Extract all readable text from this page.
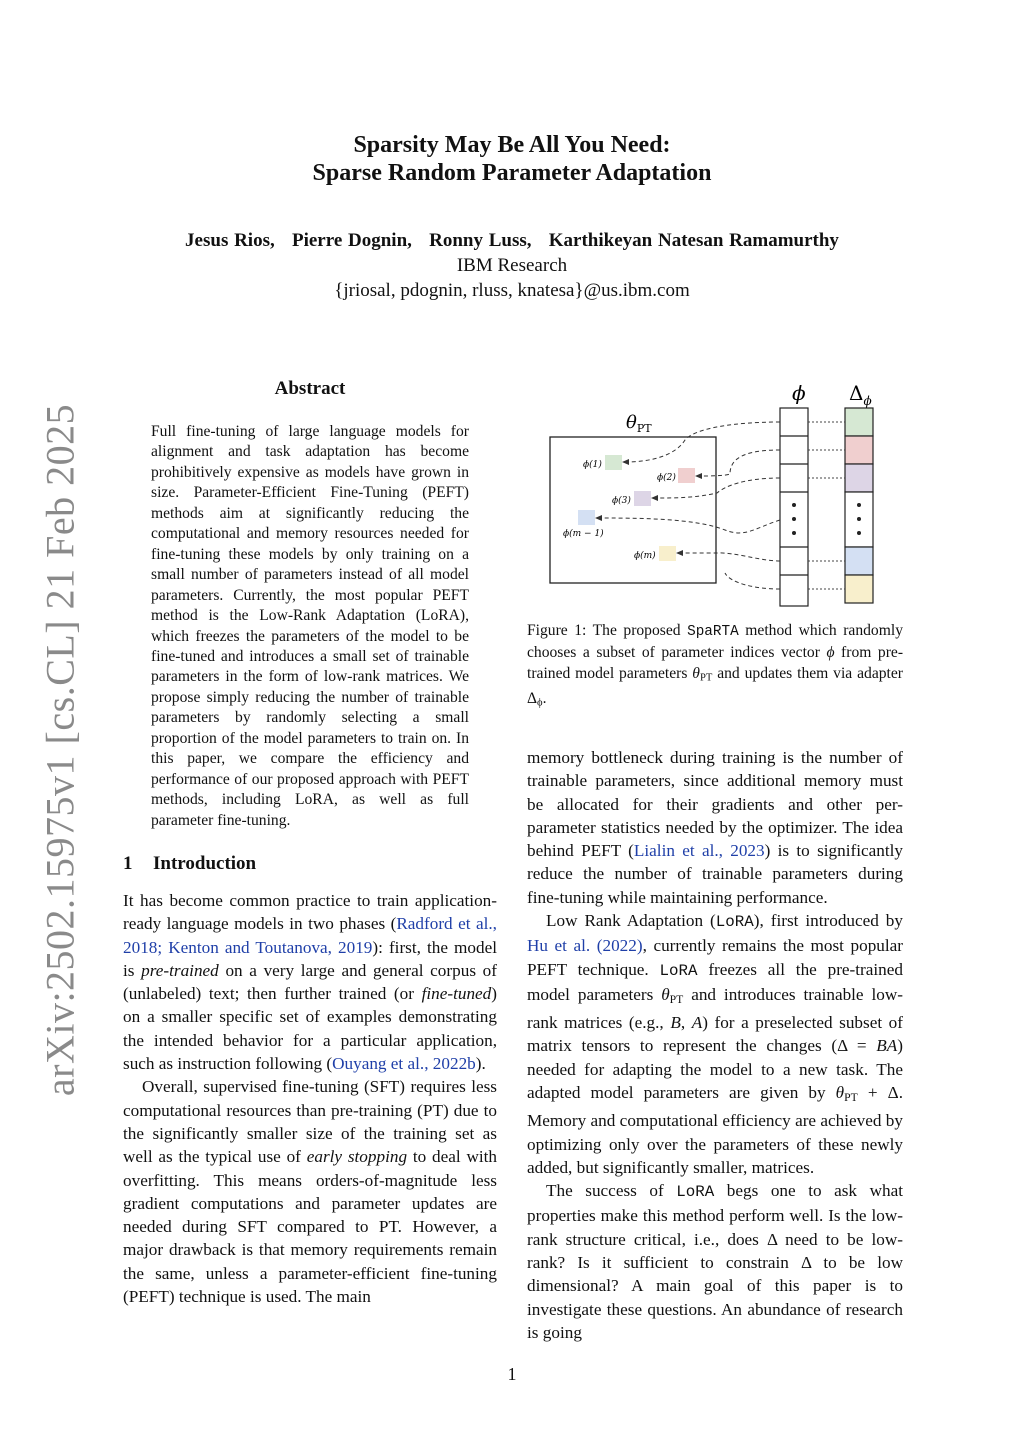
arXiv:2502.15975v1 [cs.CL] 21 Feb 2025
Sparsity May Be All You Need:
Sparse Random Parameter Adaptation
Jesus Rios,   Pierre Dognin,   Ronny Luss,   Karthikeyan Natesan Ramamurthy
IBM Research
{jriosal, pdognin, rluss, knatesa}@us.ibm.com
Abstract
Full fine-tuning of large language models for alignment and task adaptation has become prohibitively expensive as models have grown in size. Parameter-Efficient Fine-Tuning (PEFT) methods aim at significantly reducing the computational and memory resources needed for fine-tuning these models by only training on a small number of parameters instead of all model parameters. Currently, the most popular PEFT method is the Low-Rank Adaptation (LoRA), which freezes the parameters of the model to be fine-tuned and introduces a small set of trainable parameters in the form of low-rank matrices. We propose simply reducing the number of trainable parameters by randomly selecting a small proportion of the model parameters to train on. In this paper, we compare the efficiency and performance of our proposed approach with PEFT methods, including LoRA, as well as full parameter fine-tuning.
1 Introduction

It has become common practice to train application-ready language models in two phases (Radford et al., 2018; Kenton and Toutanova, 2019): first, the model is pre-trained on a very large and general corpus of (unlabeled) text; then further trained (or fine-tuned) on a smaller specific set of examples demonstrating the intended behavior for a particular application, such as instruction following (Ouyang et al., 2022b).

Overall, supervised fine-tuning (SFT) requires less computational resources than pre-training (PT) due to the significantly smaller size of the training set as well as the typical use of early stopping to deal with overfitting. This means orders-of-magnitude less gradient computations and parameter updates are needed during SFT compared to PT. However, a major drawback is that memory requirements remain the same, unless a parameter-efficient fine-tuning (PEFT) technique is used. The main

ϕ $\Delta_\phi$
$\theta_{PT}$
ϕ(1)
ϕ(2)
ϕ(3)
ϕ(m − 1)
ϕ(m)
Figure 1: The proposed SpaRTA method which randomly chooses a subset of parameter indices vector ϕ from pre-trained model parameters $\theta_{PT}$ and updates them via adapter $\Delta_\phi$.

memory bottleneck during training is the number of trainable parameters, since additional memory must be allocated for their gradients and other per-parameter statistics needed by the optimizer. The idea behind PEFT (Lialin et al., 2023) is to significantly reduce the number of trainable parameters during fine-tuning while maintaining performance.

Low Rank Adaptation (LoRA), first introduced by Hu et al. (2022), currently remains the most popular PEFT technique. LoRA freezes all the pre-trained model parameters $\theta_{PT}$ and introduces trainable low-rank matrices (e.g., B, A) for a preselected subset of matrix tensors to represent the changes (Δ = BA) needed for adapting the model to a new task. The adapted model parameters are given by $\theta_{PT} + \Delta$. Memory and computational efficiency are achieved by optimizing only over the parameters of these newly added, but significantly smaller, matrices.

The success of LoRA begs one to ask what properties make this method perform well. Is the low-rank structure critical, i.e., does Δ need to be low-rank? Is it sufficient to constrain Δ to be low dimensional? A main goal of this paper is to investigate these questions. An abundance of research is going

1
